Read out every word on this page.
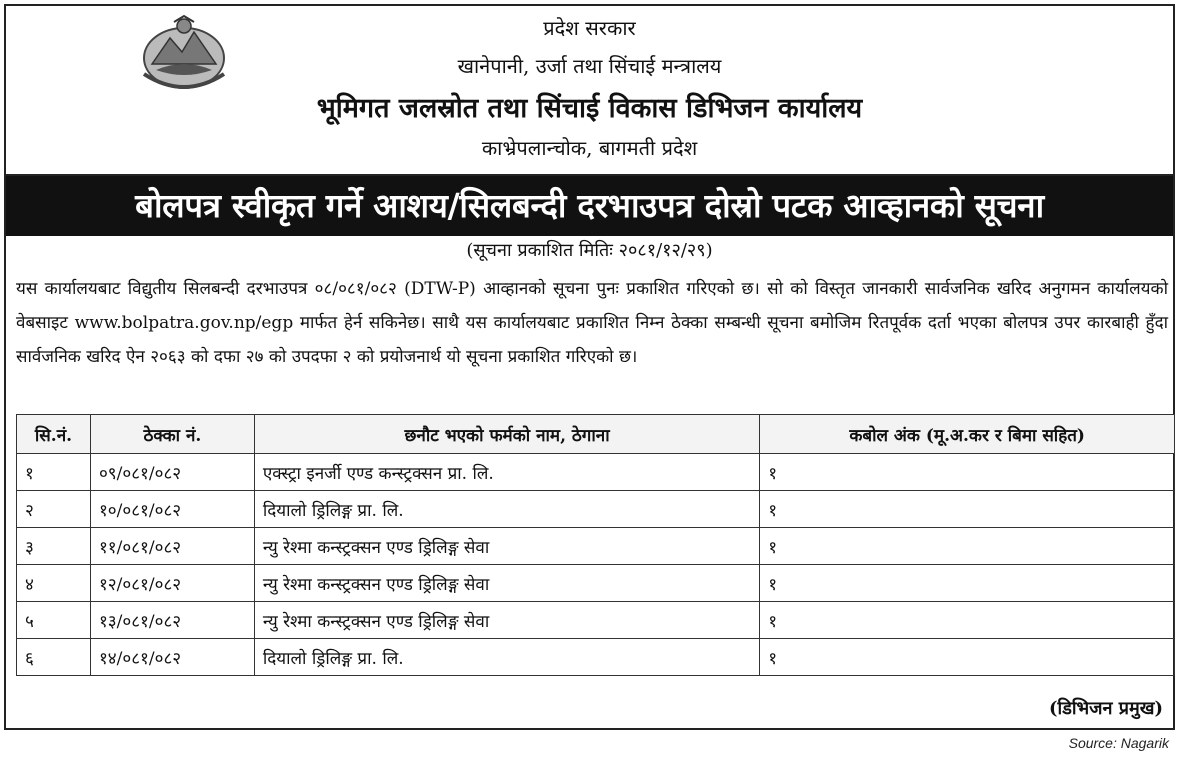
प्रदेश सरकार
खानेपानी, उर्जा तथा सिंचाई मन्त्रालय
भूमिगत जलस्रोत तथा सिंचाई विकास डिभिजन कार्यालय
काभ्रेपलान्चोक, बागमती प्रदेश
बोलपत्र स्वीकृत गर्ने आशय/सिलबन्दी दरभाउपत्र दोस्रो पटक आव्हानको सूचना
(सूचना प्रकाशित मितिः २०८१/१२/२९)
यस कार्यालयबाट विद्युतीय सिलबन्दी दरभाउपत्र ०८/०८१/०८२ (DTW-P) आव्हानको सूचना पुनः प्रकाशित गरिएको छ। सो को विस्तृत जानकारी सार्वजनिक खरिद अनुगमन कार्यालयको वेबसाइट www.bolpatra.gov.np/egp मार्फत हेर्न सकिनेछ। साथै यस कार्यालयबाट प्रकाशित निम्न ठेक्का सम्बन्धी सूचना बमोजिम रितपूर्वक दर्ता भएका बोलपत्र उपर कारबाही हुँदा सार्वजनिक खरिद ऐन २०६३ को दफा २७ को उपदफा २ को प्रयोजनार्थ यो सूचना प्रकाशित गरिएको छ।
सि.नं.	ठेक्का नं.	छनौट भएको फर्मको नाम, ठेगाना	कबोल अंक (मू.अ.कर र बिमा सहित)
१	०९/०८१/०८२	एक्स्ट्रा इनर्जी एण्ड कन्स्ट्रक्सन प्रा. लि.	१
२	१०/०८१/०८२	दियालो ड्रिलिङ्ग प्रा. लि.	१
३	११/०८१/०८२	न्यु रेश्मा कन्स्ट्रक्सन एण्ड ड्रिलिङ्ग सेवा	१
४	१२/०८१/०८२	न्यु रेश्मा कन्स्ट्रक्सन एण्ड ड्रिलिङ्ग सेवा	१
५	१३/०८१/०८२	न्यु रेश्मा कन्स्ट्रक्सन एण्ड ड्रिलिङ्ग सेवा	१
६	१४/०८१/०८२	दियालो ड्रिलिङ्ग प्रा. लि.	१
(डिभिजन प्रमुख)
Source: Nagarik
